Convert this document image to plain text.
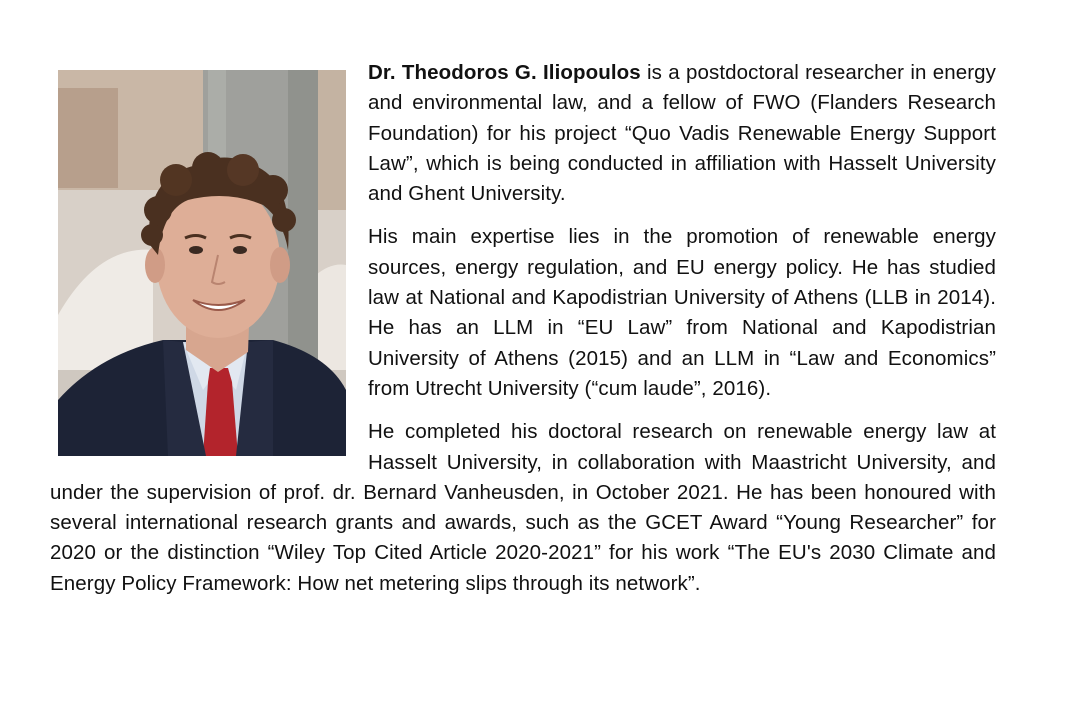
Dr. Theodoros G. Iliopoulos is a postdoctoral researcher in energy and environmental law, and a fellow of FWO (Flanders Research Foundation) for his project “Quo Vadis Renewable Energy Support Law”, which is being conducted in affiliation with Hasselt University and Ghent University.

His main expertise lies in the promotion of renewable energy sources, energy regulation, and EU energy policy. He has studied law at National and Kapodistrian University of Athens (LLB in 2014). He has an LLM in “EU Law” from National and Kapodistrian University of Athens (2015) and an LLM in “Law and Economics” from Utrecht University (“cum laude”, 2016).

He completed his doctoral research on renewable energy law at Hasselt University, in collaboration with Maastricht University, and under the supervision of prof. dr. Bernard Vanheusden, in October 2021. He has been honoured with several international research grants and awards, such as the GCET Award “Young Researcher” for 2020 or the distinction “Wiley Top Cited Article 2020-2021” for his work “The EU's 2030 Climate and Energy Policy Framework: How net metering slips through its network”.
